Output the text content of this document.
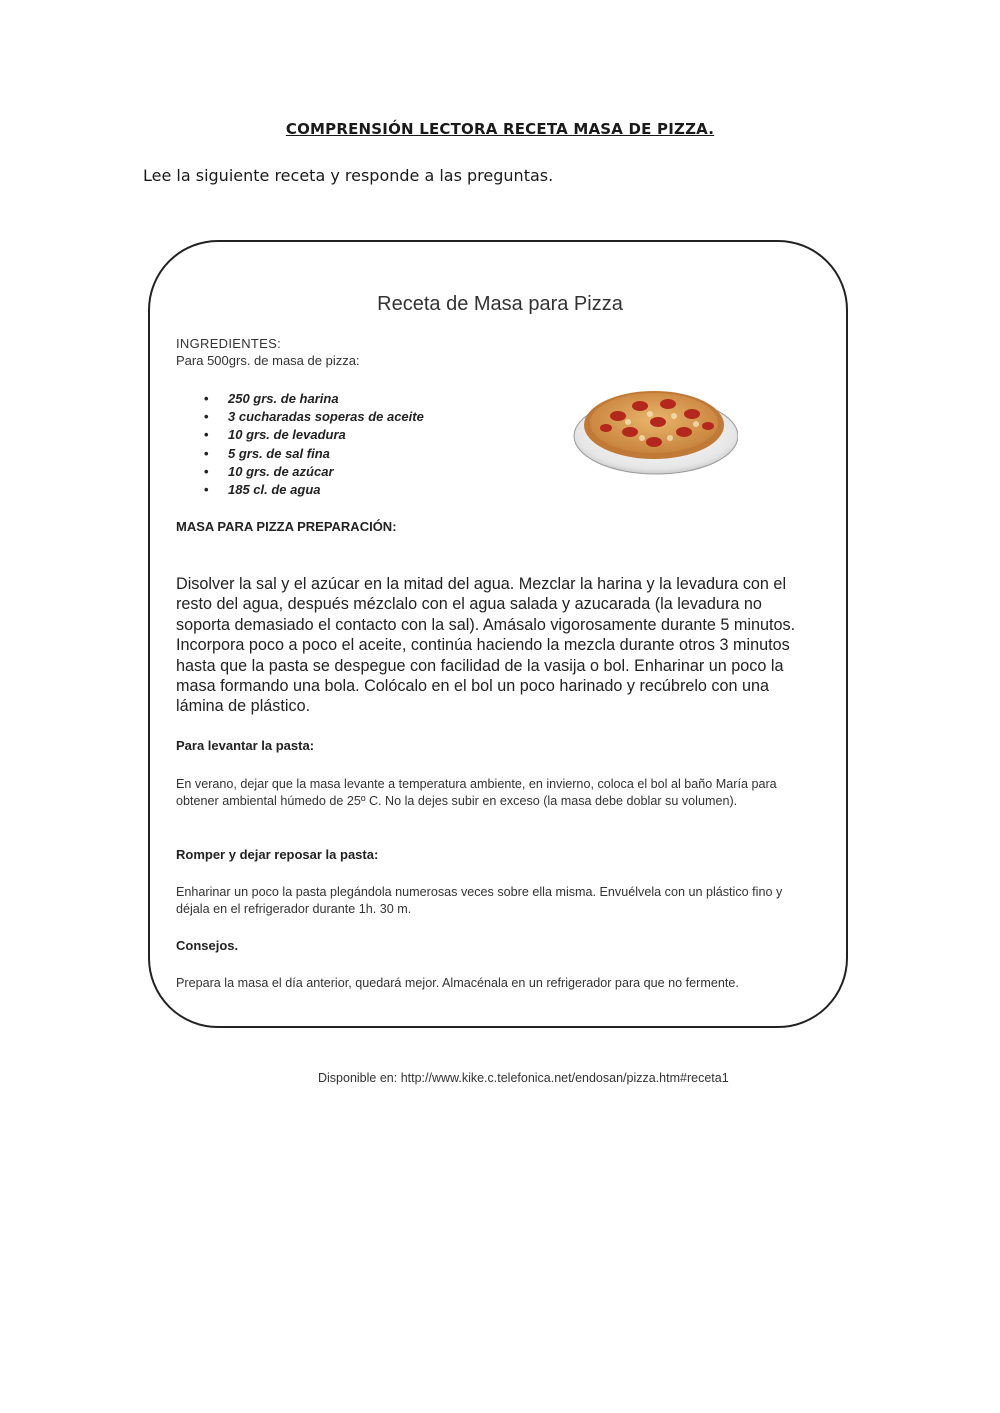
COMPRENSIÓN LECTORA RECETA MASA DE PIZZA.
Lee la siguiente receta y responde a las preguntas.
Receta de Masa para Pizza
INGREDIENTES:
Para 500grs. de masa de pizza:
• 250 grs. de harina
• 3 cucharadas soperas de aceite
• 10 grs. de levadura
• 5 grs. de sal fina
• 10 grs. de azúcar
• 185 cl. de agua
MASA PARA PIZZA PREPARACIÓN:
Disolver la sal y el azúcar en la mitad del agua. Mezclar la harina y la levadura con el resto del agua, después mézclalo con el agua salada y azucarada (la levadura no soporta demasiado el contacto con la sal). Amásalo vigorosamente durante 5 minutos. Incorpora poco a poco el aceite, continúa haciendo la mezcla durante otros 3 minutos hasta que la pasta se despegue con facilidad de la vasija o bol. Enharinar un poco la masa formando una bola. Colócalo en el bol un poco harinado y recúbrelo con una lámina de plástico.
Para levantar la pasta:
En verano, dejar que la masa levante a temperatura ambiente, en invierno, coloca el bol al baño María para obtener ambiental húmedo de 25º C. No la dejes subir en exceso (la masa debe doblar su volumen).
Romper y dejar reposar la pasta:
Enharinar un poco la pasta plegándola numerosas veces sobre ella misma. Envuélvela con un plástico fino y déjala en el refrigerador durante 1h. 30 m.
Consejos.
Prepara la masa el día anterior, quedará mejor. Almacénala en un refrigerador para que no fermente.
Disponible en: http://www.kike.c.telefonica.net/endosan/pizza.htm#receta1
